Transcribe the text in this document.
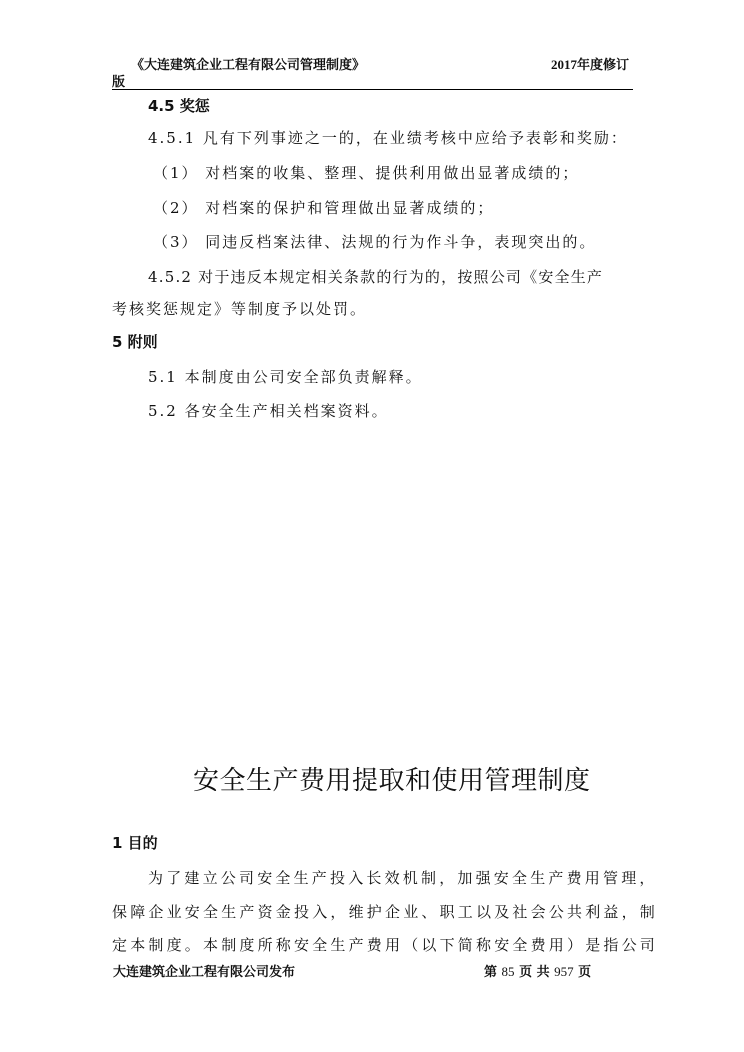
《大连建筑企业工程有限公司管理制度》	2017年度修订
版
4.5 奖惩
4.5.1 凡有下列事迹之一的，在业绩考核中应给予表彰和奖励：
（1） 对档案的收集、整理、提供利用做出显著成绩的；
（2） 对档案的保护和管理做出显著成绩的；
（3） 同违反档案法律、法规的行为作斗争，表现突出的。
4.5.2 对于违反本规定相关条款的行为的，按照公司《安全生产
考核奖惩规定》等制度予以处罚。
5 附则
5.1 本制度由公司安全部负责解释。
5.2 各安全生产相关档案资料。
安全生产费用提取和使用管理制度
1 目的
为了建立公司安全生产投入长效机制，加强安全生产费用管理，
保障企业安全生产资金投入，维护企业、职工以及社会公共利益，制
定本制度。本制度所称安全生产费用（以下简称安全费用）是指公司
大连建筑企业工程有限公司发布	第 85 页 共 957 页
